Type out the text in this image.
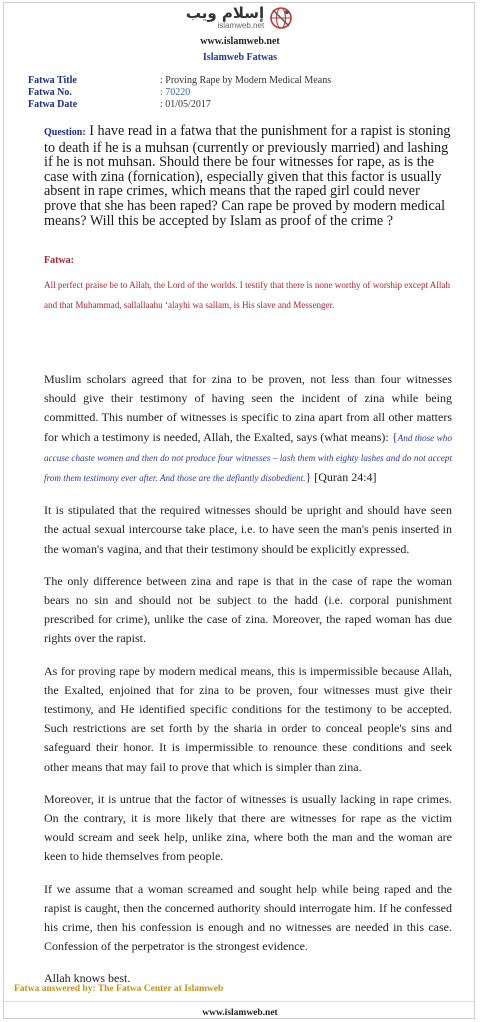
إسلام ويب
islamweb.net
www.islamweb.net
Islamweb Fatwas
Fatwa Title	: Proving Rape by Modern Medical Means
Fatwa No.	: 70220
Fatwa Date	: 01/05/2017
Question: I have read in a fatwa that the punishment for a rapist is stoning to death if he is a muhsan (currently or previously married) and lashing if he is not muhsan. Should there be four witnesses for rape, as is the case with zina (fornication), especially given that this factor is usually absent in rape crimes, which means that the raped girl could never prove that she has been raped? Can rape be proved by modern medical means? Will this be accepted by Islam as proof of the crime ?
Fatwa:
All perfect praise be to Allah, the Lord of the worlds. I testify that there is none worthy of worship except Allah and that Muhammad, sallallaahu ‘alayhi wa sallam, is His slave and Messenger.

Muslim scholars agreed that for zina to be proven, not less than four witnesses should give their testimony of having seen the incident of zina while being committed. This number of witnesses is specific to zina apart from all other matters for which a testimony is needed, Allah, the Exalted, says (what means): {And those who accuse chaste women and then do not produce four witnesses – lash them with eighty lashes and do not accept from them testimony ever after. And those are the defiantly disobedient.} [Quran 24:4]

It is stipulated that the required witnesses should be upright and should have seen the actual sexual intercourse take place, i.e. to have seen the man's penis inserted in the woman's vagina, and that their testimony should be explicitly expressed.

The only difference between zina and rape is that in the case of rape the woman bears no sin and should not be subject to the hadd (i.e. corporal punishment prescribed for crime), unlike the case of zina. Moreover, the raped woman has due rights over the rapist.

As for proving rape by modern medical means, this is impermissible because Allah, the Exalted, enjoined that for zina to be proven, four witnesses must give their testimony, and He identified specific conditions for the testimony to be accepted. Such restrictions are set forth by the sharia in order to conceal people's sins and safeguard their honor. It is impermissible to renounce these conditions and seek other means that may fail to prove that which is simpler than zina.

Moreover, it is untrue that the factor of witnesses is usually lacking in rape crimes. On the contrary, it is more likely that there are witnesses for rape as the victim would scream and seek help, unlike zina, where both the man and the woman are keen to hide themselves from people.

If we assume that a woman screamed and sought help while being raped and the rapist is caught, then the concerned authority should interrogate him. If he confessed his crime, then his confession is enough and no witnesses are needed in this case. Confession of the perpetrator is the strongest evidence.

Allah knows best.

Fatwa answered by: The Fatwa Center at Islamweb
www.islamweb.net
